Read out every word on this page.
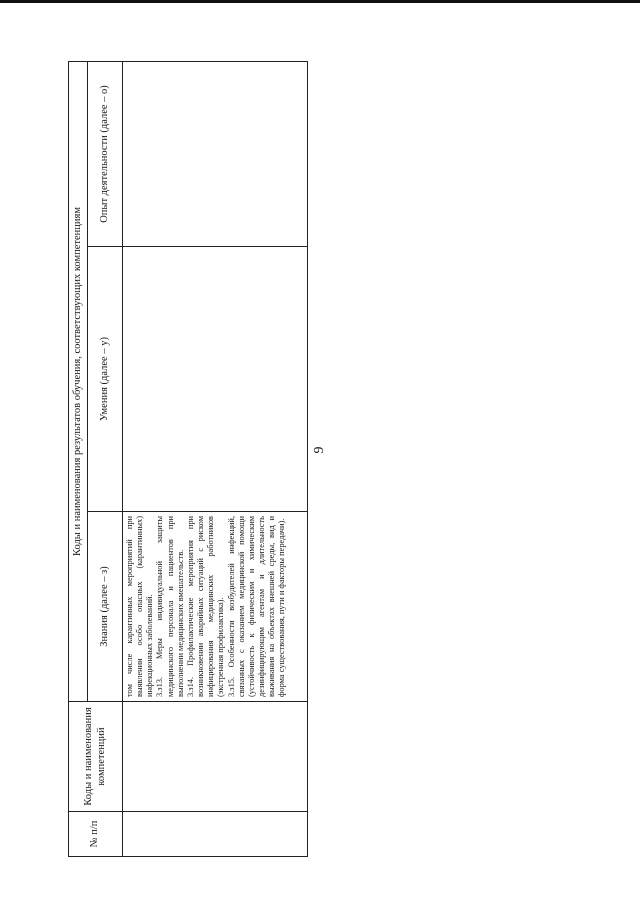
9
№ п/п	Коды и наименования компетенций	Коды и наименования результатов обучения, соответствующих компетенциям		
		Знания (далее – з)	Умения (далее – у)	Опыт деятельности (далее – о)

		том числе карантинных мероприятий при выявлении особо опасных (карантинных) инфекционных заболеваний. 3.з13. Меры индивидуальной защиты медицинского персонала и пациентов при выполнении медицинских вмешательств. 3.з14. Профилактические мероприятия при возникновении аварийных ситуаций с риском инфицирования медицинских работников (экстренная профилактика). 3.з15. Особенности возбудителей инфекций, связанных с оказанием медицинской помощи (устойчивость к физическим и химическим дезинфицирующим агентам и длительность выживания на объектах внешней среды, вид и форма существования, пути и факторы передачи).		
